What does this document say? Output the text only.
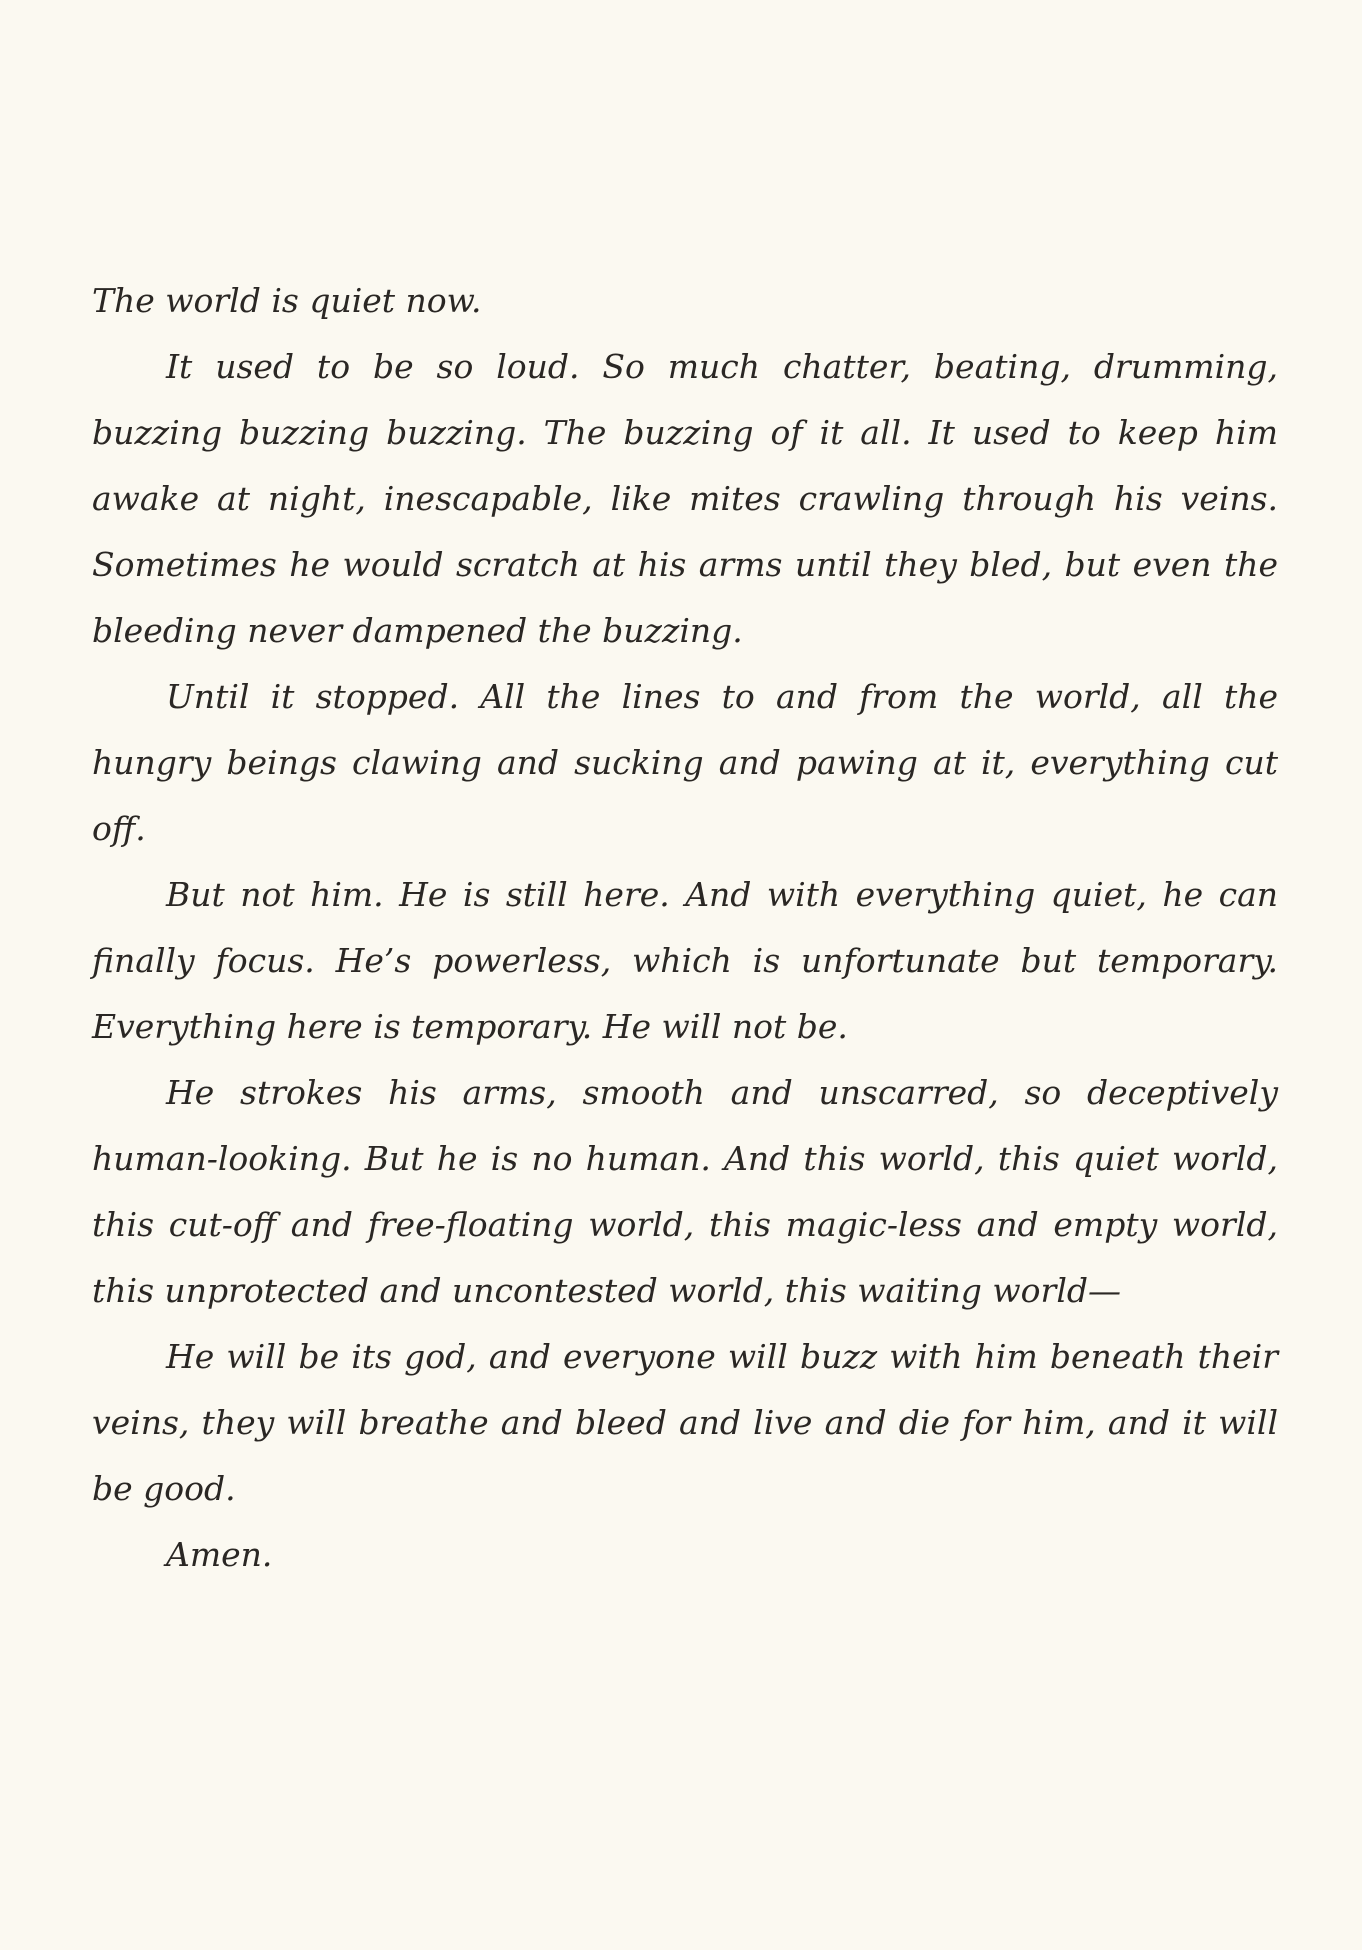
The world is quiet now.

It used to be so loud. So much chatter, beating, drumming, buzzing buzzing buzzing. The buzzing of it all. It used to keep him awake at night, inescapable, like mites crawling through his veins. Sometimes he would scratch at his arms until they bled, but even the bleeding never dampened the buzzing.

Until it stopped. All the lines to and from the world, all the hungry beings clawing and sucking and pawing at it, everything cut off.

But not him. He is still here. And with everything quiet, he can finally focus. He’s powerless, which is unfortunate but temporary. Everything here is temporary. He will not be.

He strokes his arms, smooth and unscarred, so deceptively human-looking. But he is no human. And this world, this quiet world, this cut-off and free-floating world, this magic-less and empty world, this unprotected and uncontested world, this waiting world—

He will be its god, and everyone will buzz with him beneath their veins, they will breathe and bleed and live and die for him, and it will be good.

Amen.
